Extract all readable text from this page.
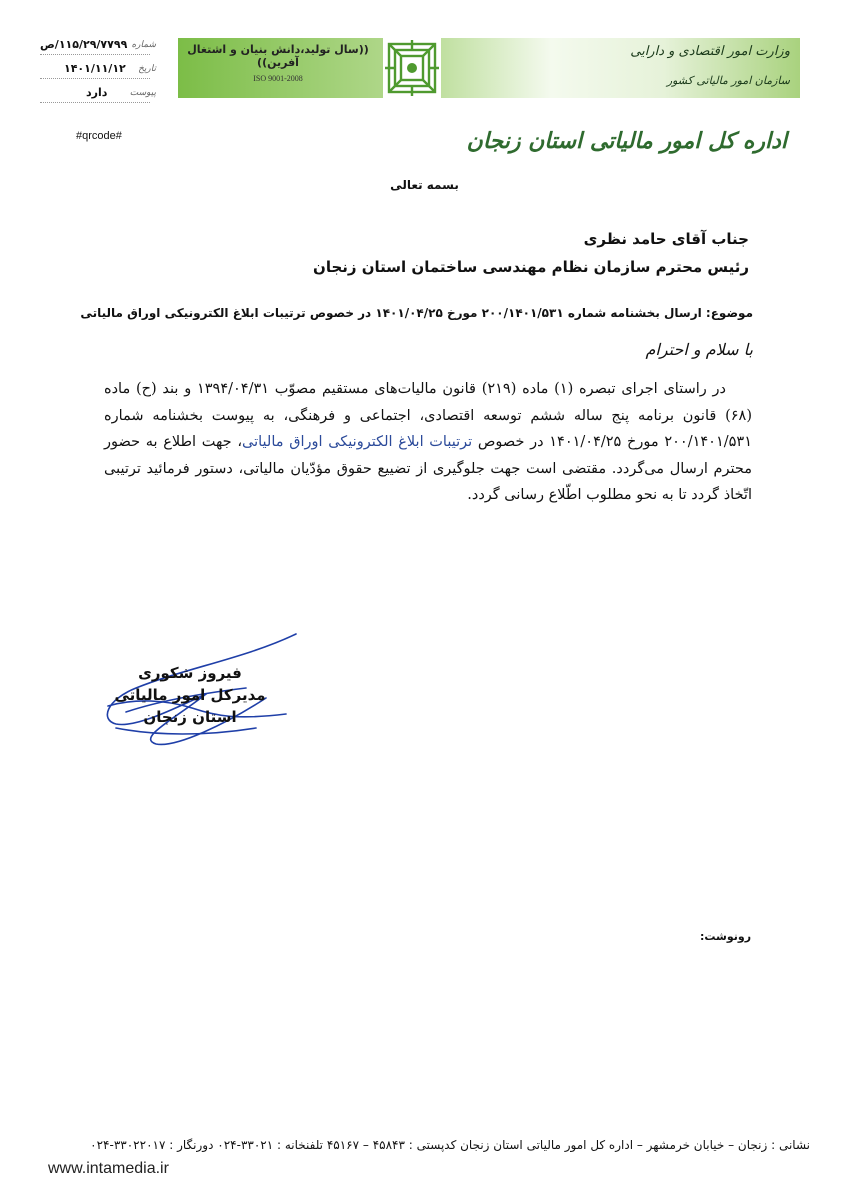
((سال تولید،دانش بنیان و اشتغال آفرین))
ISO 9001-2008
وزارت امور اقتصادی و دارایی
سازمان امور مالیاتی کشور
۱۱۵/۲۹/۷۷۹۹/ص شماره
۱۴۰۱/۱۱/۱۲ تاریخ
دارد پیوست
#qrcode#	اداره کل امور مالیاتی استان زنجان
بسمه تعالی
جناب آقای حامد نظری
رئیس محترم سازمان نظام مهندسی ساختمان استان زنجان
موضوع: ارسال بخشنامه شماره ۲۰۰/۱۴۰۱/۵۳۱ مورخ ۱۴۰۱/۰۴/۲۵ در خصوص ترتیبات ابلاغ الکترونیکی اوراق مالیاتی
با سلام و احترام
در راستای اجرای تبصره (۱) ماده (۲۱۹) قانون مالیات‌های مستقیم مصوّب ۱۳۹۴/۰۴/۳۱ و بند (ح) ماده (۶۸) قانون برنامه پنج ساله ششم توسعه اقتصادی، اجتماعی و فرهنگی، به پیوست بخشنامه شماره ۲۰۰/۱۴۰۱/۵۳۱ مورخ ۱۴۰۱/۰۴/۲۵ در خصوص ترتیبات ابلاغ الکترونیکی اوراق مالیاتی، جهت اطلاع به حضور محترم ارسال می‌گردد. مقتضی است جهت جلوگیری از تضییع حقوق مؤدّیان مالیاتی، دستور فرمائید ترتیبی اتّخاذ گردد تا به نحو مطلوب اطّلاع رسانی گردد.
فیروز شکوری
مدیرکل امور مالیاتی
استان زنجان
رونوشت:
نشانی : زنجان – خیابان خرمشهر – اداره کل امور مالیاتی استان زنجان کدپستی : ۴۵۸۴۳ – ۴۵۱۶۷ تلفنخانه : ۳۳۰۲۱-۰۲۴ دورنگار : ۳۳۰۲۲۰۱۷-۰۲۴
www.intamedia.ir
